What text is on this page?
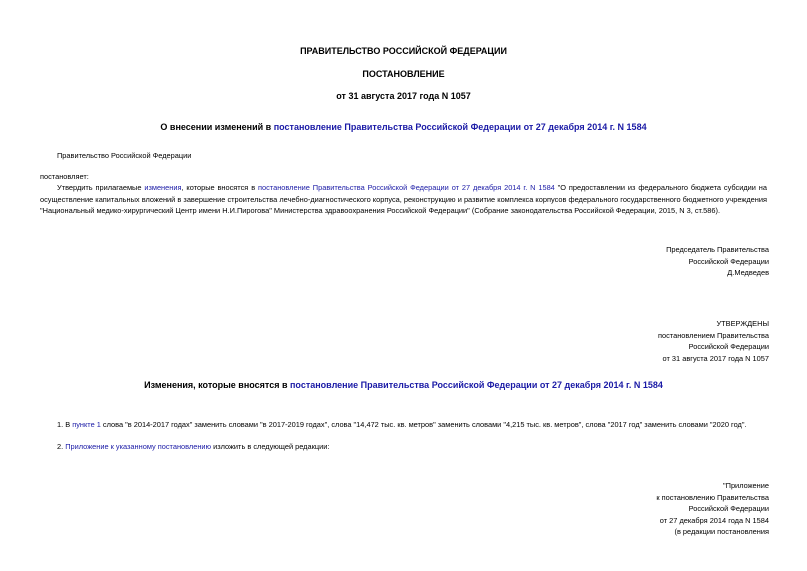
ПРАВИТЕЛЬСТВО РОССИЙСКОЙ ФЕДЕРАЦИИ
ПОСТАНОВЛЕНИЕ
от 31 августа 2017 года N 1057
О внесении изменений в постановление Правительства Российской Федерации от 27 декабря 2014 г. N 1584
Правительство Российской Федерации
постановляет:
Утвердить прилагаемые изменения, которые вносятся в постановление Правительства Российской Федерации от 27 декабря 2014 г. N 1584 "О предоставлении из федерального бюджета субсидии на осуществление капитальных вложений в завершение строительства лечебно-диагностического корпуса, реконструкцию и развитие комплекса корпусов федерального государственного бюджетного учреждения "Национальный медико-хирургический Центр имени Н.И.Пирогова" Министерства здравоохранения Российской Федерации" (Собрание законодательства Российской Федерации, 2015, N 3, ст.586).

Председатель Правительства

Российской Федерации

Д.Медведев

УТВЕРЖДЕНЫ

постановлением Правительства

Российской Федерации

от 31 августа 2017 года N 1057

Изменения, которые вносятся в постановление Правительства Российской Федерации от 27 декабря 2014 г. N 1584
1. В пункте 1 слова "в 2014-2017 годах" заменить словами "в 2017-2019 годах", слова "14,472 тыс. кв. метров" заменить словами "4,215 тыс. кв. метров", слова "2017 год" заменить словами "2020 год".
2. Приложение к указанному постановлению изложить в следующей редакции:

"Приложение

к постановлению Правительства

Российской Федерации

от 27 декабря 2014 года N 1584

(в редакции постановления
